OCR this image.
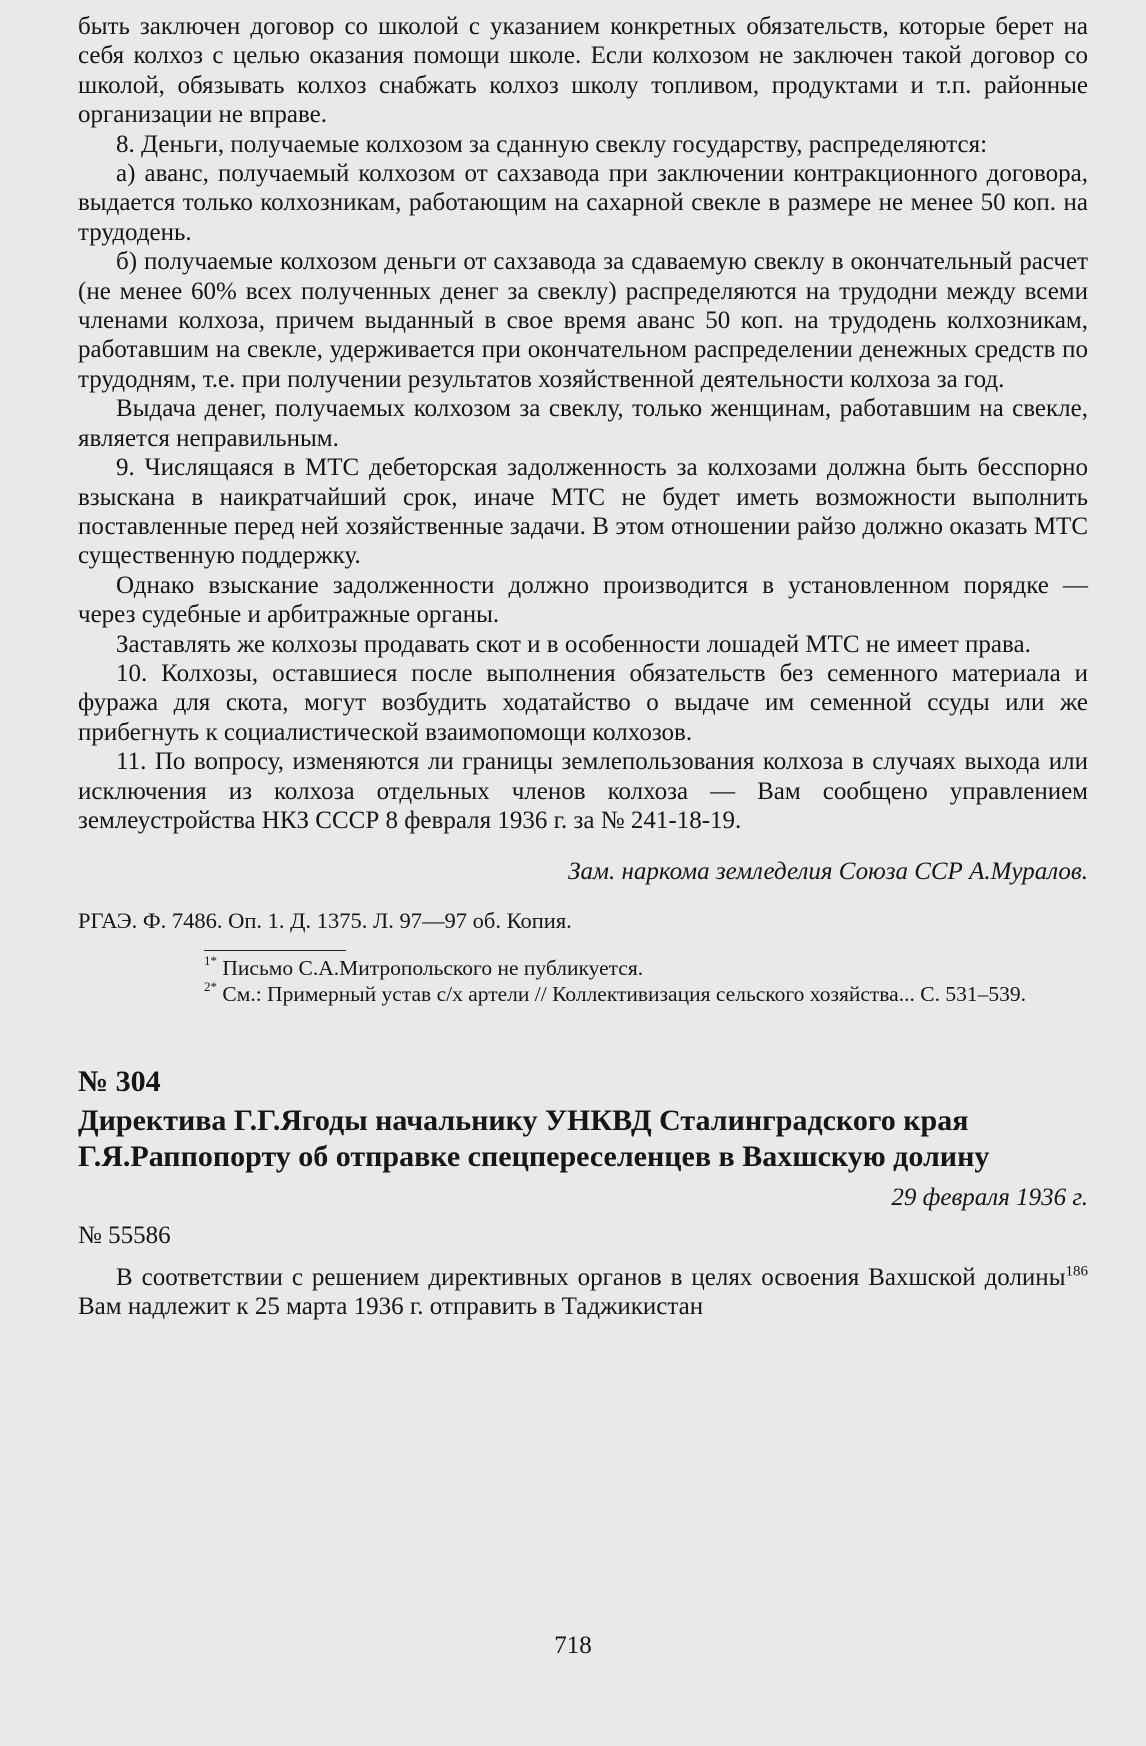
быть заключен договор со школой с указанием конкретных обязательств, которые берет на себя колхоз с целью оказания помощи школе. Если колхозом не заключен такой договор со школой, обязывать колхоз снабжать колхоз школу топливом, продуктами и т.п. районные организации не вправе.

8. Деньги, получаемые колхозом за сданную свеклу государству, распределяются:

а) аванс, получаемый колхозом от сахзавода при заключении контракционного договора, выдается только колхозникам, работающим на сахарной свекле в размере не менее 50 коп. на трудодень.

б) получаемые колхозом деньги от сахзавода за сдаваемую свеклу в окончательный расчет (не менее 60% всех полученных денег за свеклу) распределяются на трудодни между всеми членами колхоза, причем выданный в свое время аванс 50 коп. на трудодень колхозникам, работавшим на свекле, удерживается при окончательном распределении денежных средств по трудодням, т.е. при получении результатов хозяйственной деятельности колхоза за год.

Выдача денег, получаемых колхозом за свеклу, только женщинам, работавшим на свекле, является неправильным.

9. Числящаяся в МТС дебеторская задолженность за колхозами должна быть бесспорно взыскана в наикратчайший срок, иначе МТС не будет иметь возможности выполнить поставленные перед ней хозяйственные задачи. В этом отношении райзо должно оказать МТС существенную поддержку.

Однако взыскание задолженности должно производится в установленном порядке — через судебные и арбитражные органы.

Заставлять же колхозы продавать скот и в особенности лошадей МТС не имеет права.

10. Колхозы, оставшиеся после выполнения обязательств без семенного материала и фуража для скота, могут возбудить ходатайство о выдаче им семенной ссуды или же прибегнуть к социалистической взаимопомощи колхозов.

11. По вопросу, изменяются ли границы землепользования колхоза в случаях выхода или исключения из колхоза отдельных членов колхоза — Вам сообщено управлением землеустройства НКЗ СССР 8 февраля 1936 г. за № 241-18-19.

Зам. наркома земледелия Союза ССР А.Муралов.
РГАЭ. Ф. 7486. Оп. 1. Д. 1375. Л. 97—97 об. Копия.

$^{1*}$ Письмо С.А.Митропольского не публикуется.

$^{2*}$ См.: Примерный устав с/х артели // Коллективизация сельского хозяйства... С. 531–539.

№ 304
Директива Г.Г.Ягоды начальнику УНКВД Сталинградского края Г.Я.Раппопорту об отправке спецпереселенцев в Вахшскую долину
29 февраля 1936 г.
№ 55586

В соответствии с решением директивных органов в целях освоения Вахшской долины$^{186}$ Вам надлежит к 25 марта 1936 г. отправить в Таджикистан

718
